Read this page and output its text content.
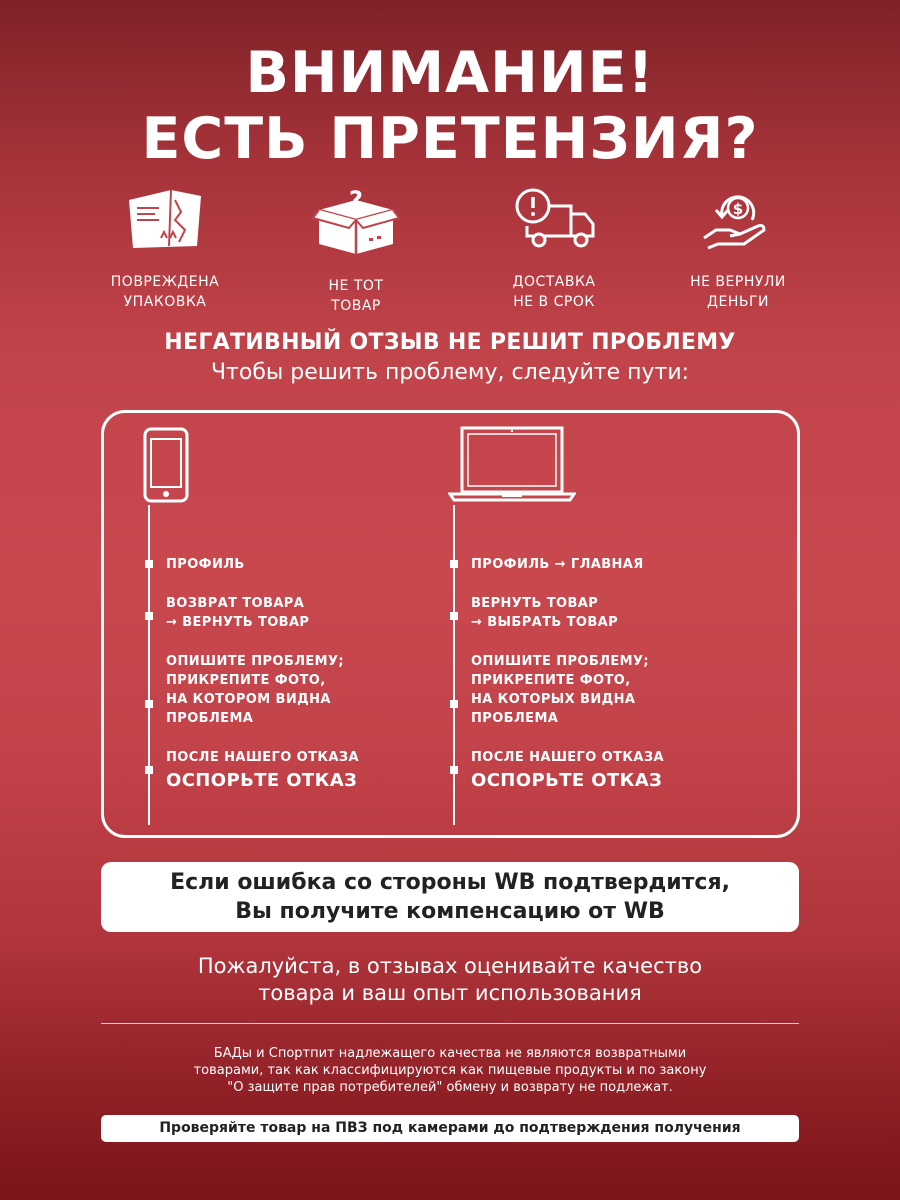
ВНИМАНИЕ!
ЕСТЬ ПРЕТЕНЗИЯ?
ПОВРЕЖДЕНА
УПАКОВКА
?
НЕ ТОТ
ТОВАР
ДОСТАВКА
НЕ В СРОК
$
НЕ ВЕРНУЛИ
ДЕНЬГИ
НЕГАТИВНЫЙ ОТЗЫВ НЕ РЕШИТ ПРОБЛЕМУ
Чтобы решить проблему, следуйте пути:
ПРОФИЛЬ
ВОЗВРАТ ТОВАРА
→ ВЕРНУТЬ ТОВАР
ОПИШИТЕ ПРОБЛЕМУ;
ПРИКРЕПИТЕ ФОТО,
НА КОТОРОМ ВИДНА
ПРОБЛЕМА
ПОСЛЕ НАШЕГО ОТКАЗА
ОСПОРЬТЕ ОТКАЗ
ПРОФИЛЬ → ГЛАВНАЯ
ВЕРНУТЬ ТОВАР
→ ВЫБРАТЬ ТОВАР
ОПИШИТЕ ПРОБЛЕМУ;
ПРИКРЕПИТЕ ФОТО,
НА КОТОРЫХ ВИДНА
ПРОБЛЕМА
ПОСЛЕ НАШЕГО ОТКАЗА
ОСПОРЬТЕ ОТКАЗ
Если ошибка со стороны WB подтвердится,
Вы получите компенсацию от WB
Пожалуйста, в отзывах оценивайте качество
товара и ваш опыт использования
БАДы и Спортпит надлежащего качества не являются возвратными
товарами, так как классифицируются как пищевые продукты и по закону
"О защите прав потребителей" обмену и возврату не подлежат.
Проверяйте товар на ПВЗ под камерами до подтверждения получения
